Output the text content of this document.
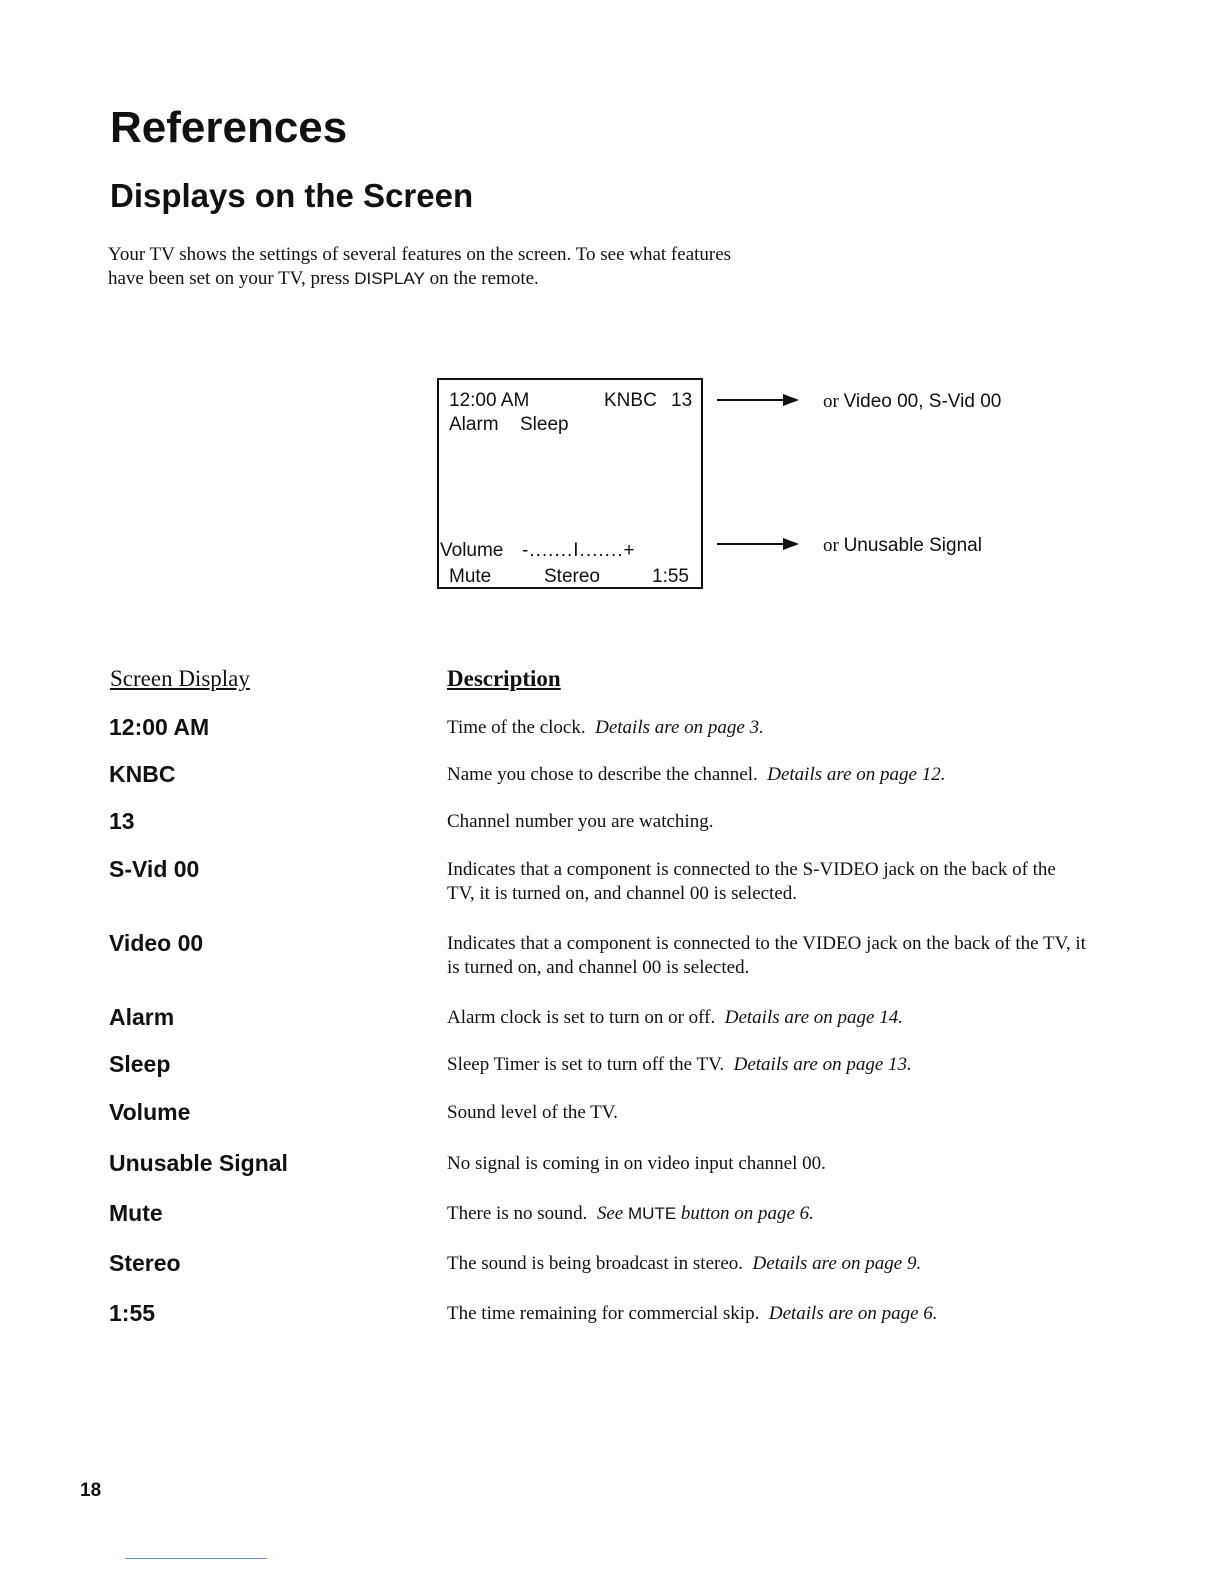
References
Displays on the Screen

Your TV shows the settings of several features on the screen. To see what features have been set on your TV, press DISPLAY on the remote.

12:00 AM	KNBC 13
Alarm Sleep
Volume -.......I.......+
Mute	Stereo	1:55
or Video 00, S-Vid 00
or Unusable Signal
Screen Display	Description
12:00 AM	Time of the clock. Details are on page 3.
KNBC	Name you chose to describe the channel. Details are on page 12.
13	Channel number you are watching.
S-Vid 00	Indicates that a component is connected to the S-VIDEO jack on the back of the TV, it is turned on, and channel 00 is selected.
Video 00	Indicates that a component is connected to the VIDEO jack on the back of the TV, it is turned on, and channel 00 is selected.
Alarm	Alarm clock is set to turn on or off. Details are on page 14.
Sleep	Sleep Timer is set to turn off the TV. Details are on page 13.
Volume	Sound level of the TV.
Unusable Signal	No signal is coming in on video input channel 00.
Mute	There is no sound. See MUTE button on page 6.
Stereo	The sound is being broadcast in stereo. Details are on page 9.
1:55	The time remaining for commercial skip. Details are on page 6.
18
